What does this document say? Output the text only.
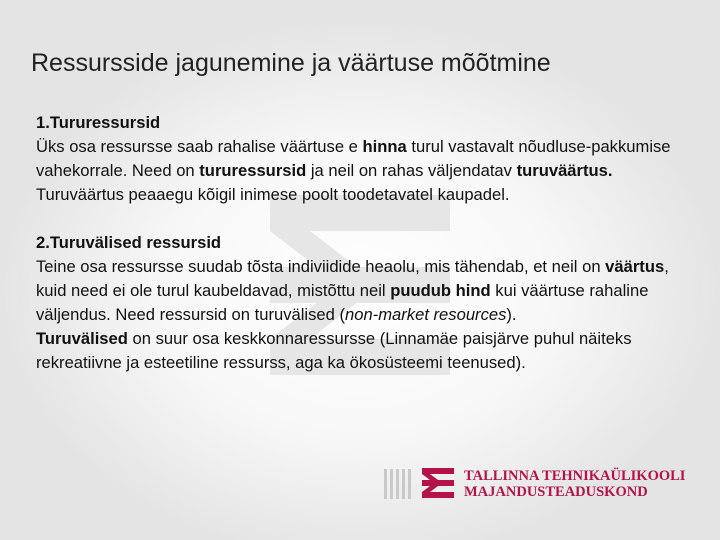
Ressursside jagunemine ja väärtuse mõõtmine

1.Tururessursid

Üks osa ressursse saab rahalise väärtuse e hinna turul vastavalt nõudluse-pakkumise vahekorrale. Need on tururessursid ja neil on rahas väljendatav turuväärtus.

Turuväärtus peaaegu kõigil inimese poolt toodetavatel kaupadel.

2.Turuvälised ressursid

Teine osa ressursse suudab tõsta indiviidide heaolu, mis tähendab, et neil on väärtus, kuid need ei ole turul kaubeldavad, mistõttu neil puudub hind kui väärtuse rahaline väljendus. Need ressursid on turuvälised (non-market resources).

Turuvälised on suur osa keskkonnaressursse (Linnamäe paisjärve puhul näiteks rekreatiivne ja esteetiline ressurss, aga ka ökosüsteemi teenused).

TALLINNA TEHNIKAÜLIKOOLI
MAJANDUSTEADUSKOND
